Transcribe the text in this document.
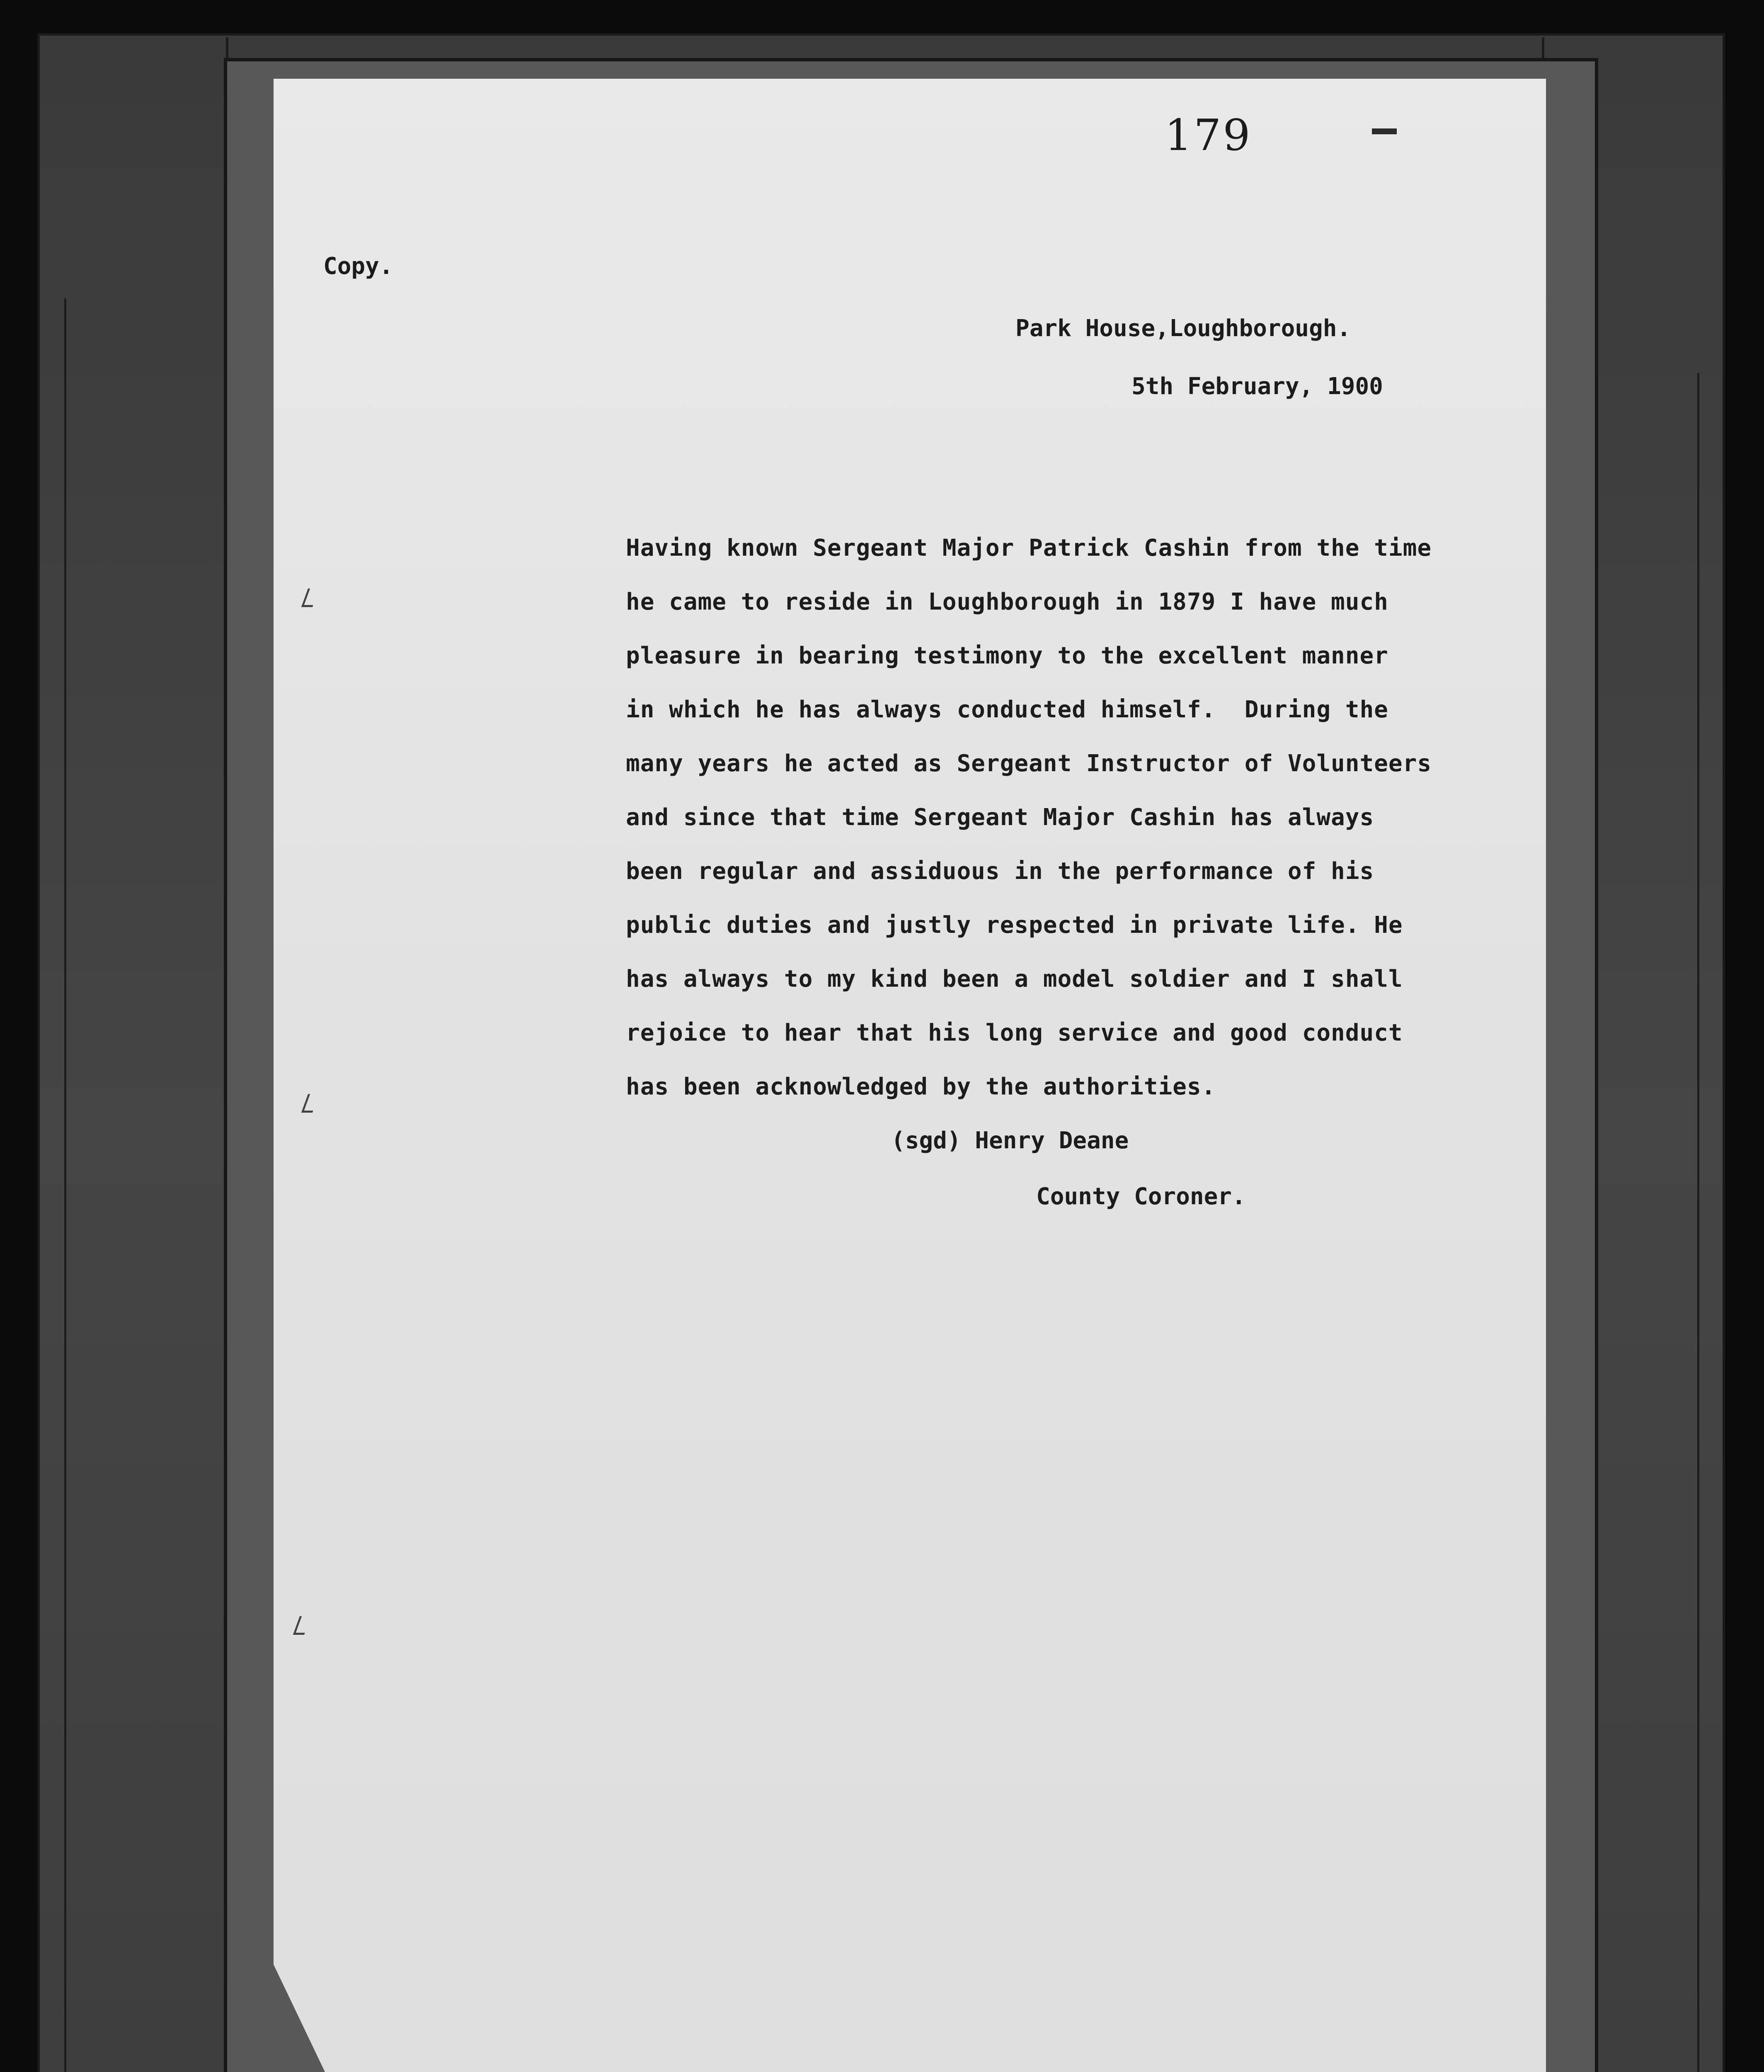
179
Copy.
Park House,Loughborough.
5th February, 1900
Having known Sergeant Major Patrick Cashin from the time
he came to reside in Loughborough in 1879 I have much
pleasure in bearing testimony to the excellent manner
in which he has always conducted himself.  During the
many years he acted as Sergeant Instructor of Volunteers
and since that time Sergeant Major Cashin has always
been regular and assiduous in the performance of his
public duties and justly respected in private life. He
has always to my kind been a model soldier and I shall
rejoice to hear that his long service and good conduct
has been acknowledged by the authorities.
(sgd) Henry Deane
County Coroner.
